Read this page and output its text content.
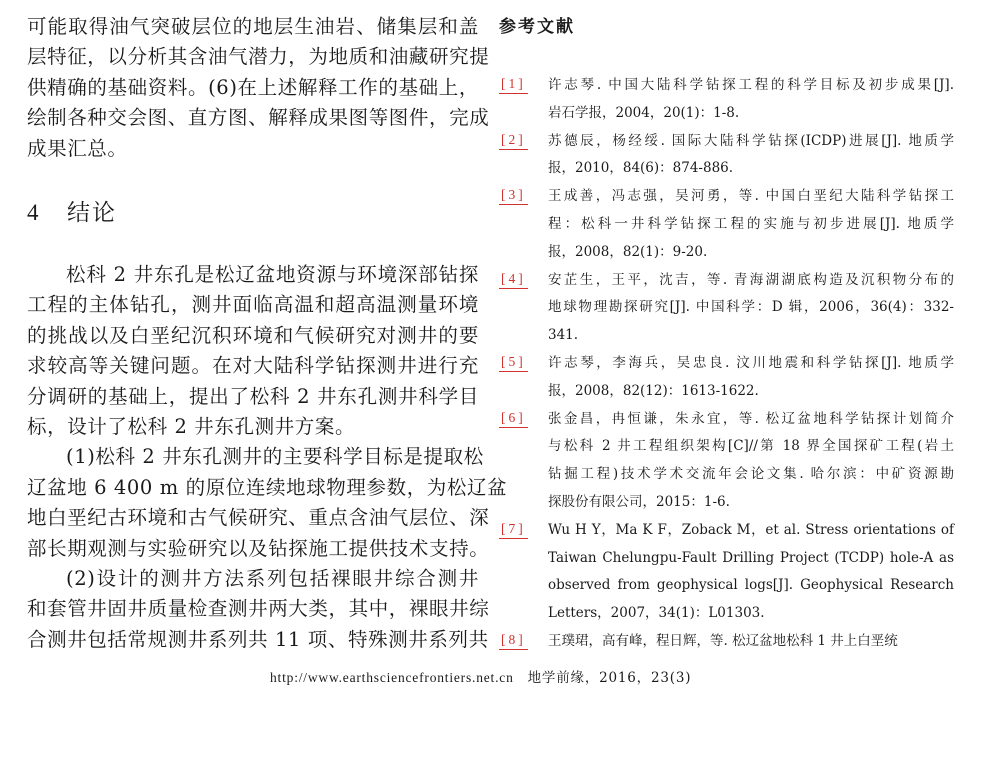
可能取得油气突破层位的地层生油岩、储集层和盖
层特征，以分析其含油气潜力，为地质和油藏研究提
供精确的基础资料。(6)在上述解释工作的基础上，
绘制各种交会图、直方图、解释成果图等图件，完成
成果汇总。

4 结论

松科 2 井东孔是松辽盆地资源与环境深部钻探
工程的主体钻孔，测井面临高温和超高温测量环境
的挑战以及白垩纪沉积环境和气候研究对测井的要
求较高等关键问题。在对大陆科学钻探测井进行充
分调研的基础上，提出了松科 2 井东孔测井科学目
标，设计了松科 2 井东孔测井方案。
(1)松科 2 井东孔测井的主要科学目标是提取松
辽盆地 6 400 m 的原位连续地球物理参数，为松辽盆
地白垩纪古环境和古气候研究、重点含油气层位、深
部长期观测与实验研究以及钻探施工提供技术支持。
(2)设计的测井方法系列包括裸眼井综合测井
和套管井固井质量检查测井两大类，其中，裸眼井综
合测井包括常规测井系列共 11 项、特殊测井系列共

参考文献
[1] 许志琴. 中国大陆科学钻探工程的科学目标及初步成果[J].
岩石学报，2004，20(1)：1-8.
[2] 苏德辰，杨经绥. 国际大陆科学钻探(ICDP)进展[J]. 地质学
报，2010，84(6)：874-886.
[3] 王成善，冯志强，吴河勇，等. 中国白垩纪大陆科学钻探工
程：松科一井科学钻探工程的实施与初步进展[J]. 地质学
报，2008，82(1)：9-20.
[4] 安芷生，王平，沈吉，等. 青海湖湖底构造及沉积物分布的
地球物理勘探研究[J]. 中国科学：D 辑，2006，36(4)：332-
341.
[5] 许志琴，李海兵，吴忠良. 汶川地震和科学钻探[J]. 地质学
报，2008，82(12)：1613-1622.
[6] 张金昌，冉恒谦，朱永宜，等. 松辽盆地科学钻探计划简介
与松科 2 井工程组织架构[C]//第 18 界全国探矿工程(岩土
钻掘工程)技术学术交流年会论文集. 哈尔滨：中矿资源勘
探股份有限公司，2015：1-6.
[7] Wu H Y，Ma K F，Zoback M，et al. Stress orientations of
Taiwan Chelungpu-Fault Drilling Project (TCDP) hole-A as
observed from geophysical logs[J]. Geophysical Research
Letters，2007，34(1)：L01303.
[8] 王璞珺，高有峰，程日辉，等. 松辽盆地松科 1 井上白垩统
http://www.earthsciencefrontiers.net.cn 地学前缘，2016，23(3)
